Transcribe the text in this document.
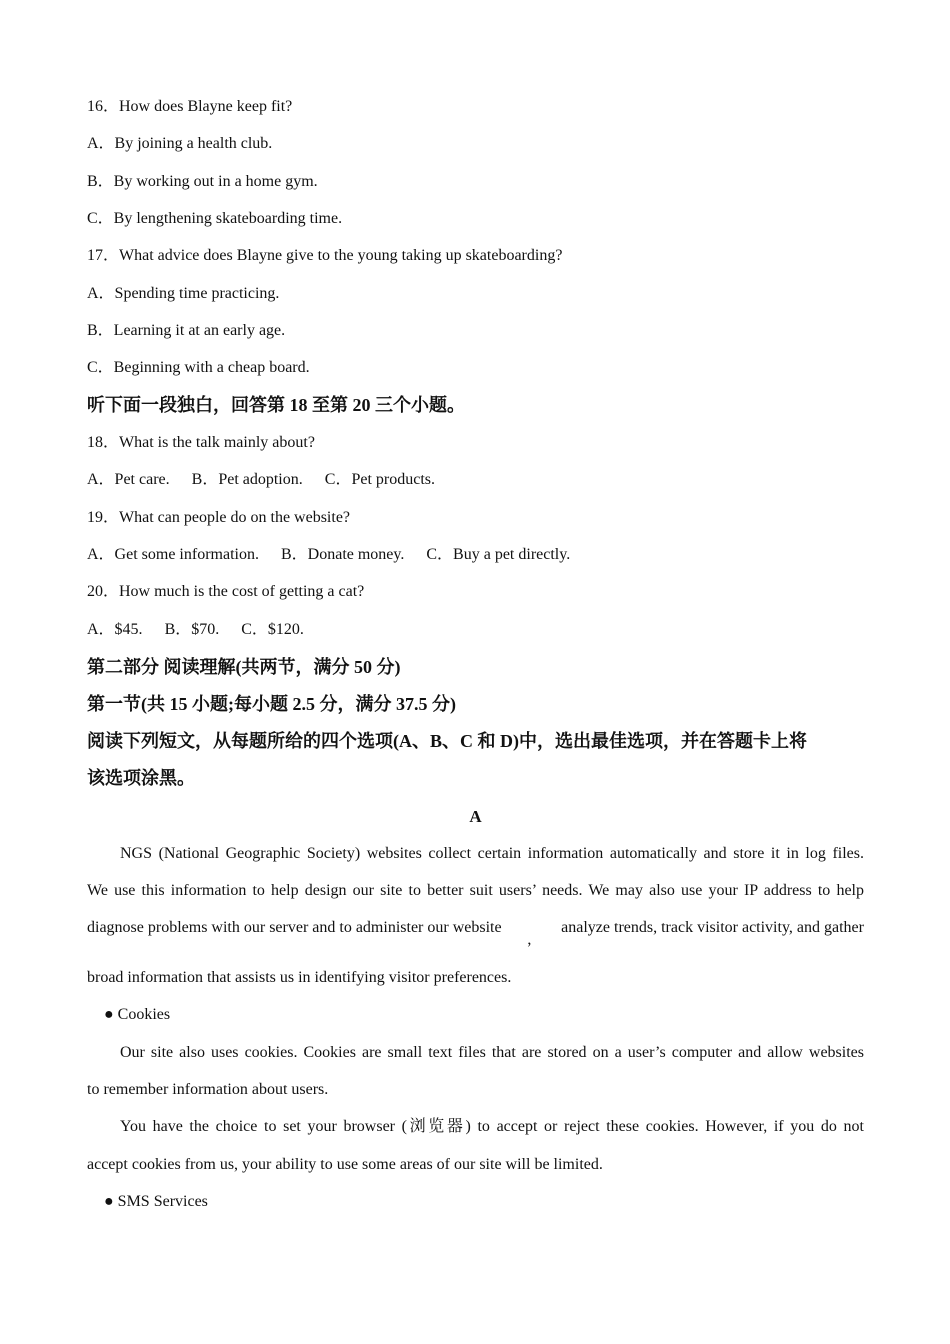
16．How does Blayne keep fit?
A．By joining a health club.
B．By working out in a home gym.
C．By lengthening skateboarding time.
17．What advice does Blayne give to the young taking up skateboarding?
A．Spending time practicing.
B．Learning it at an early age.
C．Beginning with a cheap board.
听下面一段独白，回答第 18 至第 20 三个小题。
18．What is the talk mainly about?
A．Pet care. B．Pet adoption. C．Pet products.
19．What can people do on the website?
A．Get some information. B．Donate money. C．Buy a pet directly.
20．How much is the cost of getting a cat?
A．$45. B．$70. C．$120.
第二部分 阅读理解(共两节，满分 50 分)
第一节(共 15 小题;每小题 2.5 分，满分 37.5 分)
阅读下列短文，从每题所给的四个选项(A、B、C 和 D)中，选出最佳选项，并在答题卡上将
该选项涂黑。
A
NGS (National Geographic Society) websites collect certain information automatically and store it in log files.
We use this information to help design our site to better suit users’ needs. We may also use your IP address to help
diagnose problems with our server and to administer our website
,
analyze trends, track visitor activity, and gather
broad information that assists us in identifying visitor preferences.
● Cookies
Our site also uses cookies. Cookies are small text files that are stored on a user’s computer and allow websites
to remember information about users.
You have the choice to set your browser (浏览器) to accept or reject these cookies. However, if you do not
accept cookies from us, your ability to use some areas of our site will be limited.
● SMS Services
